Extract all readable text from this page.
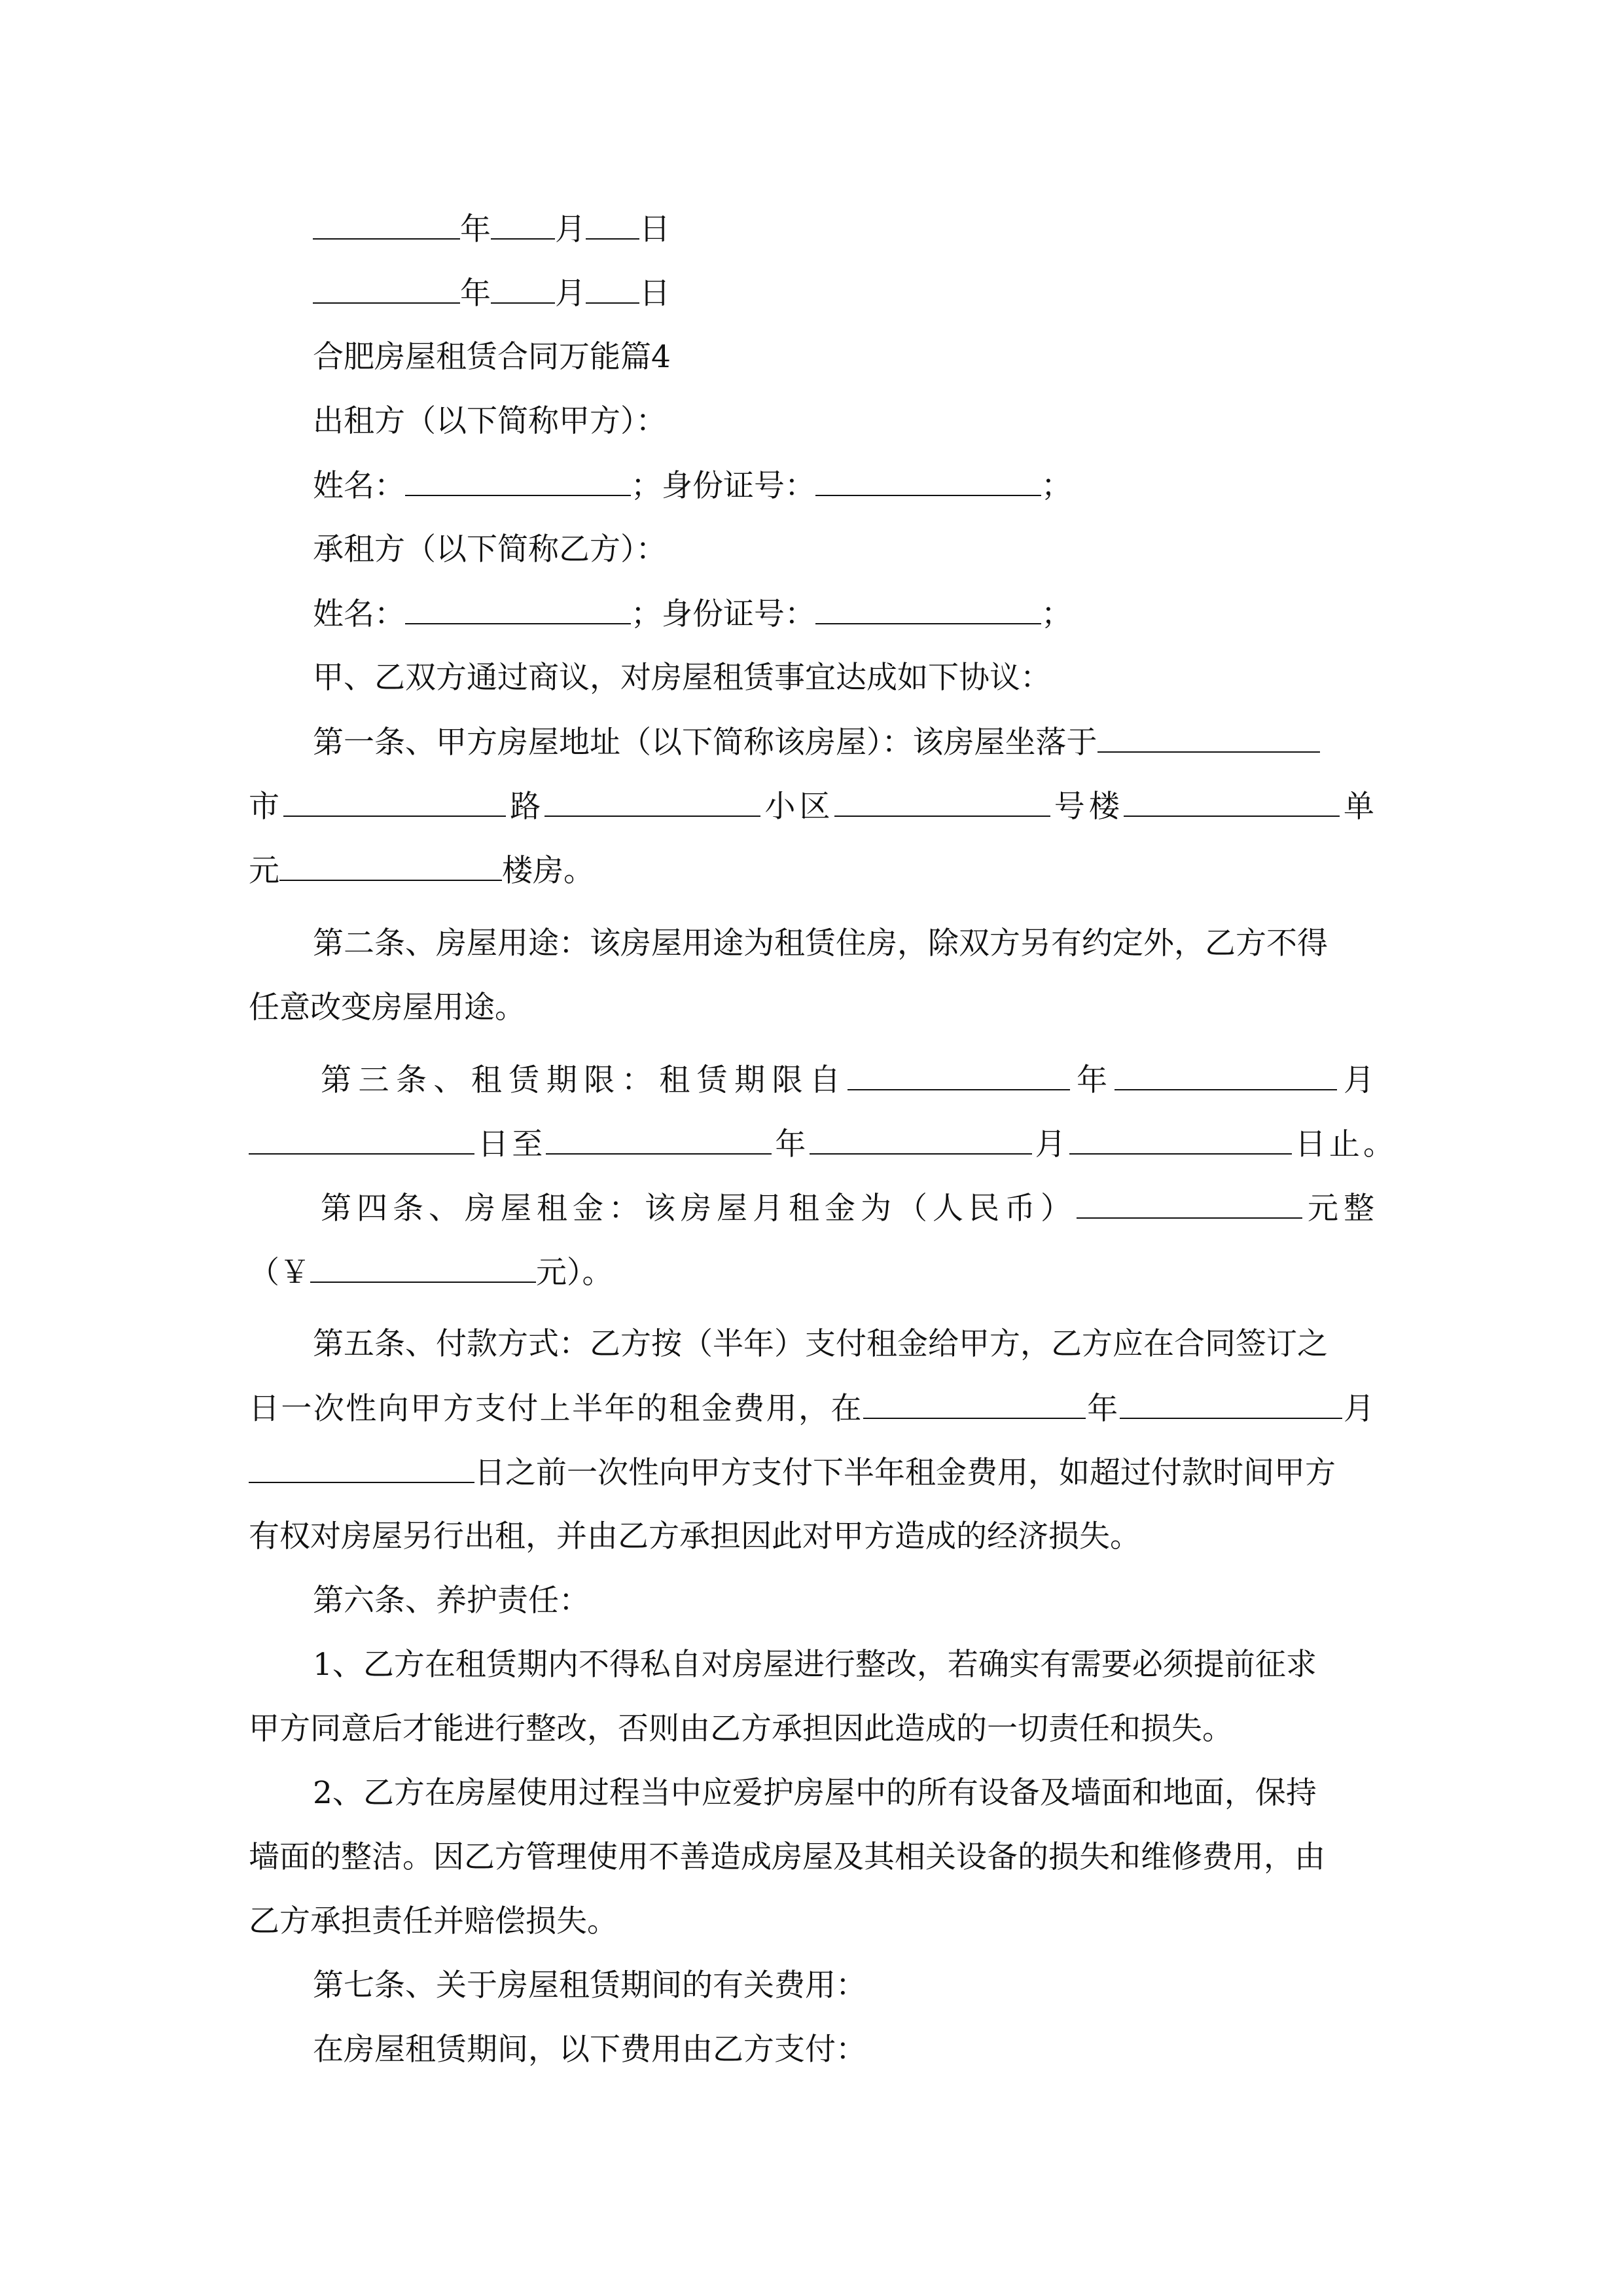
年 月 日
年 月 日
合肥房屋租赁合同万能篇4
出租方（以下简称甲方）：
姓名：	；身份证号：	；
承租方（以下简称乙方）：
姓名：	；身份证号：	；
甲、乙双方通过商议，对房屋租赁事宜达成如下协议：
第一条、甲方房屋地址（以下简称该房屋）：该房屋坐落于
市	路	小区	号楼	单
元	楼房。
第二条、房屋用途：该房屋用途为租赁住房，除双方另有约定外，乙方不得
任意改变房屋用途。
第三条、租赁期限：租赁期限自	年	月
日至	年	月	日止。
第四条、房屋租金：该房屋月租金为（人民币）	元整
（￥	元）。
第五条、付款方式：乙方按（半年）支付租金给甲方，乙方应在合同签订之
日一次性向甲方支付上半年的租金费用，在	年	月
日之前一次性向甲方支付下半年租金费用，如超过付款时间甲方
有权对房屋另行出租，并由乙方承担因此对甲方造成的经济损失。
第六条、养护责任：
1、乙方在租赁期内不得私自对房屋进行整改，若确实有需要必须提前征求
甲方同意后才能进行整改，否则由乙方承担因此造成的一切责任和损失。
2、乙方在房屋使用过程当中应爱护房屋中的所有设备及墙面和地面，保持
墙面的整洁。因乙方管理使用不善造成房屋及其相关设备的损失和维修费用，由
乙方承担责任并赔偿损失。
第七条、关于房屋租赁期间的有关费用：
在房屋租赁期间，以下费用由乙方支付：
